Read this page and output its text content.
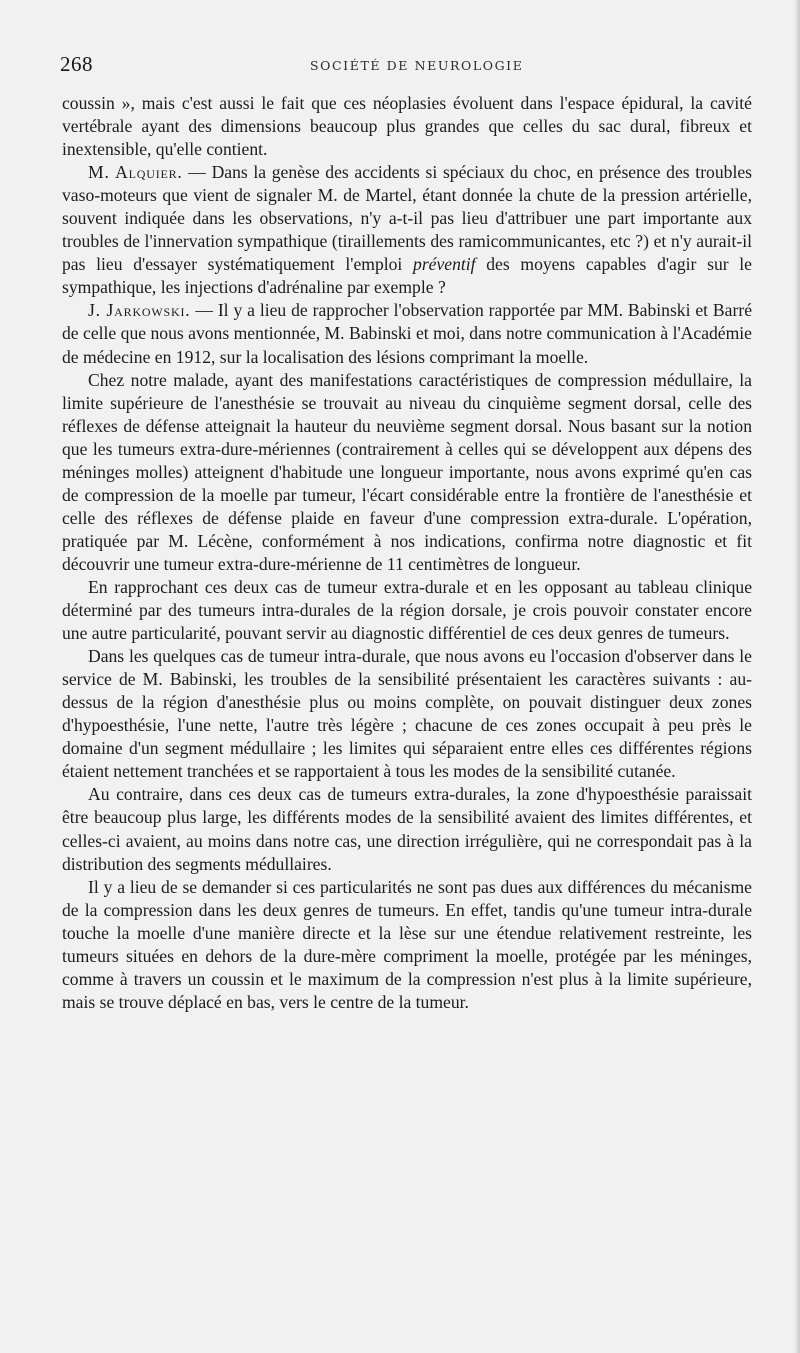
268	SOCIÉTÉ DE NEUROLOGIE

coussin », mais c'est aussi le fait que ces néoplasies évoluent dans l'espace épidural, la cavité vertébrale ayant des dimensions beaucoup plus grandes que celles du sac dural, fibreux et inextensible, qu'elle contient.

M. Alquier. — Dans la genèse des accidents si spéciaux du choc, en présence des troubles vaso-moteurs que vient de signaler M. de Martel, étant donnée la chute de la pression artérielle, souvent indiquée dans les observations, n'y a-t-il pas lieu d'attribuer une part importante aux troubles de l'innervation sympathique (tiraillements des ramicommunicantes, etc ?) et n'y aurait-il pas lieu d'essayer systématiquement l'emploi préventif des moyens capables d'agir sur le sympathique, les injections d'adrénaline par exemple ?

J. Jarkowski. — Il y a lieu de rapprocher l'observation rapportée par MM. Babinski et Barré de celle que nous avons mentionnée, M. Babinski et moi, dans notre communication à l'Académie de médecine en 1912, sur la localisation des lésions comprimant la moelle.

Chez notre malade, ayant des manifestations caractéristiques de compression médullaire, la limite supérieure de l'anesthésie se trouvait au niveau du cinquième segment dorsal, celle des réflexes de défense atteignait la hauteur du neuvième segment dorsal. Nous basant sur la notion que les tumeurs extra-dure-mériennes (contrairement à celles qui se développent aux dépens des méninges molles) atteignent d'habitude une longueur importante, nous avons exprimé qu'en cas de compression de la moelle par tumeur, l'écart considérable entre la frontière de l'anesthésie et celle des réflexes de défense plaide en faveur d'une compression extra-durale. L'opération, pratiquée par M. Lécène, conformément à nos indications, confirma notre diagnostic et fit découvrir une tumeur extra-dure-mérienne de 11 centimètres de longueur.

En rapprochant ces deux cas de tumeur extra-durale et en les opposant au tableau clinique déterminé par des tumeurs intra-durales de la région dorsale, je crois pouvoir constater encore une autre particularité, pouvant servir au diagnostic différentiel de ces deux genres de tumeurs.

Dans les quelques cas de tumeur intra-durale, que nous avons eu l'occasion d'observer dans le service de M. Babinski, les troubles de la sensibilité présentaient les caractères suivants : au-dessus de la région d'anesthésie plus ou moins complète, on pouvait distinguer deux zones d'hypoesthésie, l'une nette, l'autre très légère ; chacune de ces zones occupait à peu près le domaine d'un segment médullaire ; les limites qui séparaient entre elles ces différentes régions étaient nettement tranchées et se rapportaient à tous les modes de la sensibilité cutanée.

Au contraire, dans ces deux cas de tumeurs extra-durales, la zone d'hypoesthésie paraissait être beaucoup plus large, les différents modes de la sensibilité avaient des limites différentes, et celles-ci avaient, au moins dans notre cas, une direction irrégulière, qui ne correspondait pas à la distribution des segments médullaires.

Il y a lieu de se demander si ces particularités ne sont pas dues aux différences du mécanisme de la compression dans les deux genres de tumeurs. En effet, tandis qu'une tumeur intra-durale touche la moelle d'une manière directe et la lèse sur une étendue relativement restreinte, les tumeurs situées en dehors de la dure-mère compriment la moelle, protégée par les méninges, comme à travers un coussin et le maximum de la compression n'est plus à la limite supérieure, mais se trouve déplacé en bas, vers le centre de la tumeur.
